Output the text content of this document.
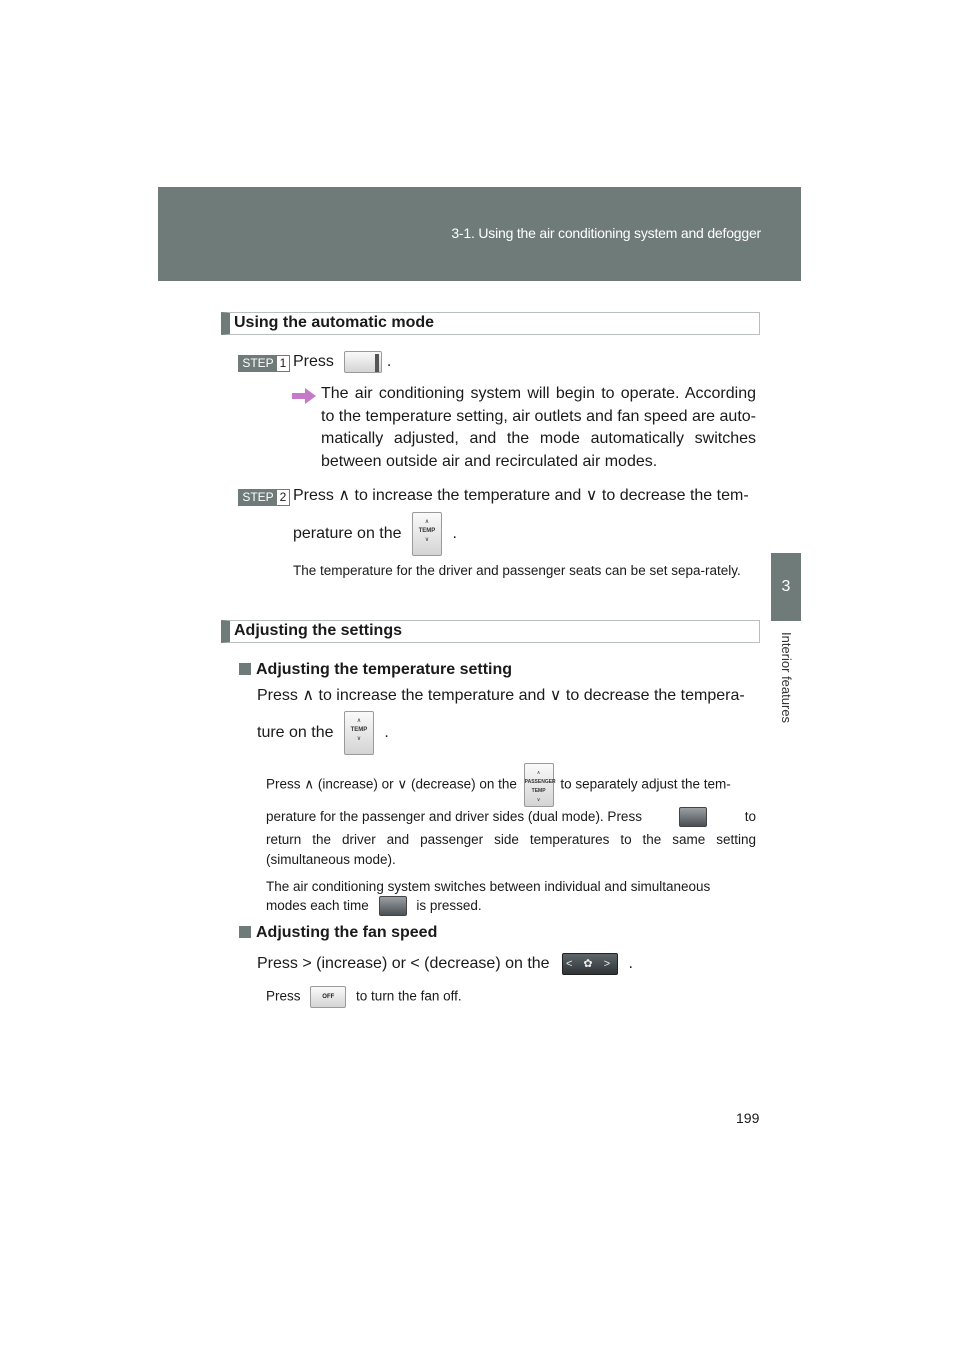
3-1. Using the air conditioning system and defogger
3
Interior features
Using the automatic mode
STEP 1 Press	.
The air conditioning system will begin to operate. According to the temperature setting, air outlets and fan speed are auto-matically adjusted, and the mode automatically switches between outside air and recirculated air modes.
STEP 2 Press ∧ to increase the temperature and ∨ to decrease the tem-
perature on the ∧
TEMP
∨ .
The temperature for the driver and passenger seats can be set sepa-rately.
Adjusting the settings
Adjusting the temperature setting
Press ∧ to increase the temperature and ∨ to decrease the tempera-
ture on the ∧
TEMP
∨ .
Press ∧ (increase) or ∨ (decrease) on the ∧
PASSENGER TEMP
∨ to separately adjust the tem-
perature for the passenger and driver sides (dual mode). Press	to
return the driver and passenger side temperatures to the same setting (simultaneous mode).
The air conditioning system switches between individual and simultaneous
modes each time	is pressed.
Adjusting the fan speed
Press > (increase) or < (decrease) on the < ✿ > .
Press	OFF to turn the fan off.
199
